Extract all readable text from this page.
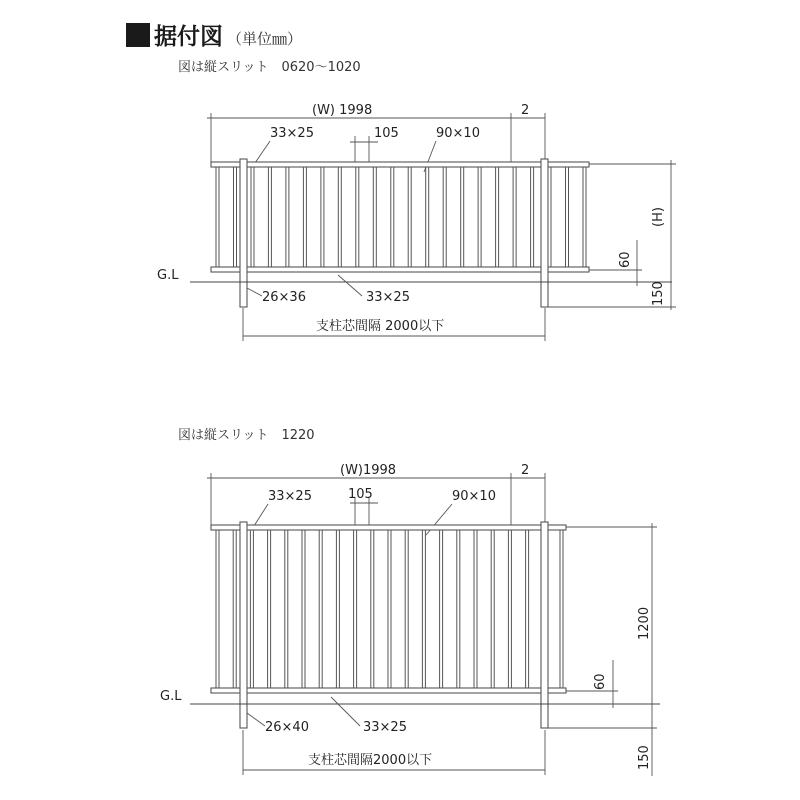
据付図 （単位㎜）
図は縦スリット　0620～1020
図は縦スリット　1220
(W) 1998	2
105
33×25	90×10
G.L
(H)
60
150
26×36	33×25
支柱芯間隔 2000以下
(W)1998	2
105
33×25	90×10
G.L
1200
60
150
26×40	33×25
支柱芯間隔2000以下
